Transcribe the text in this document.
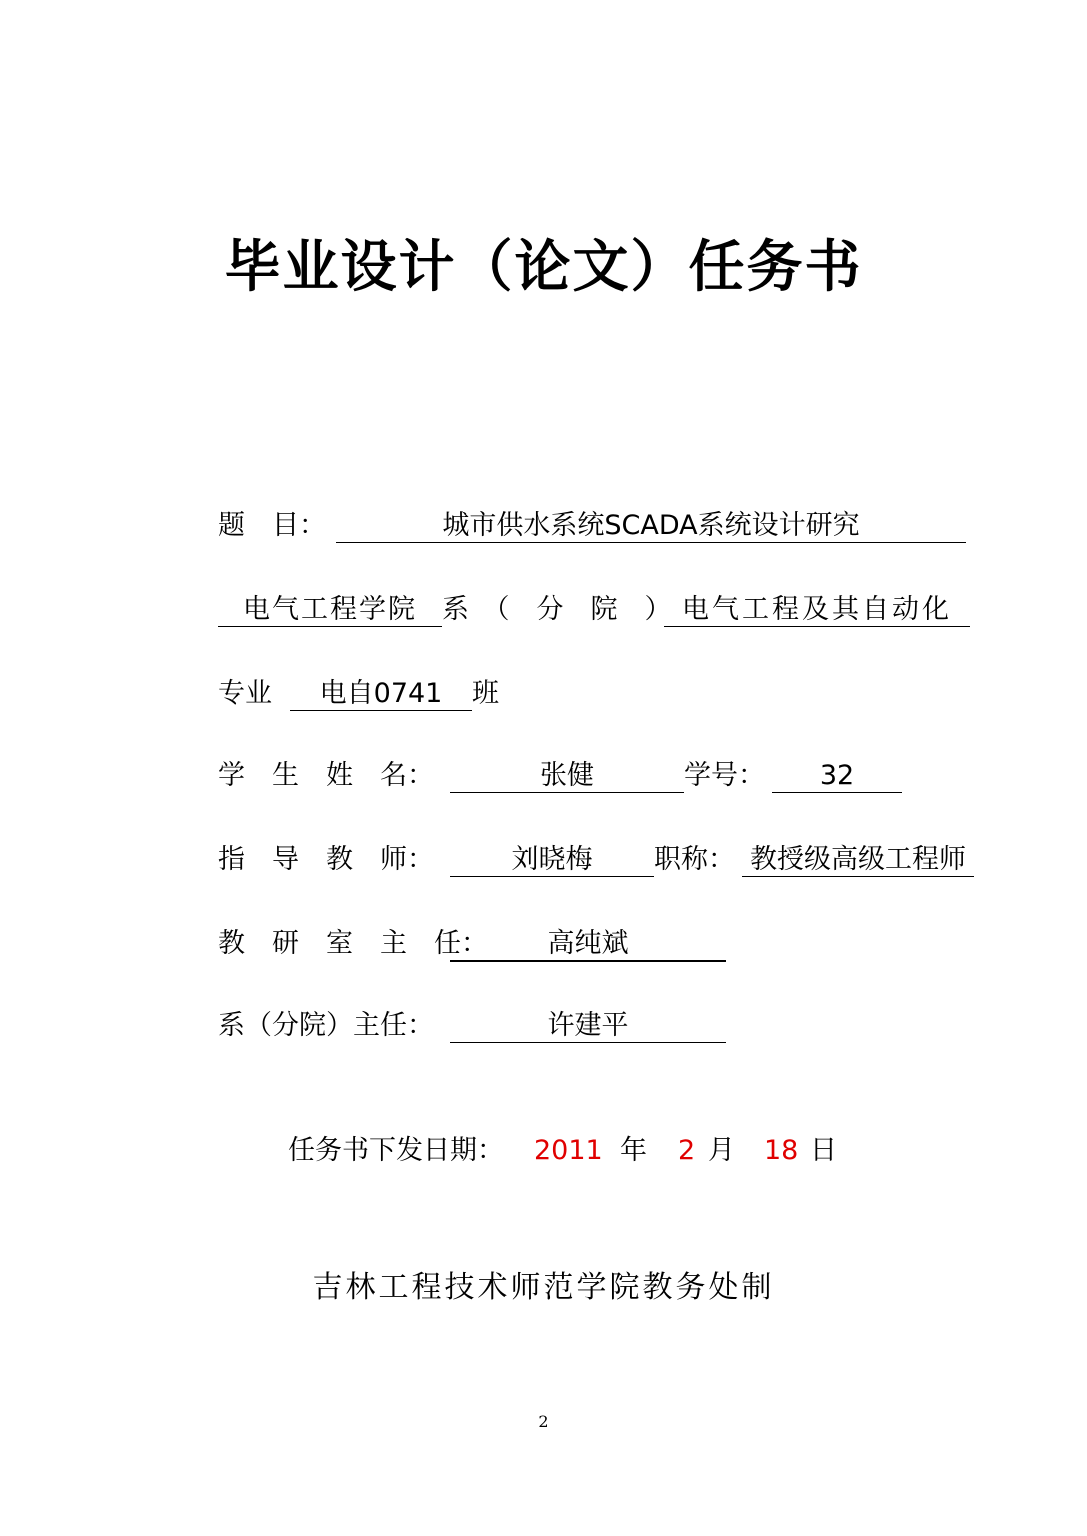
毕业设计（论文）任务书
题　目：	城市供水系统SCADA系统设计研究
电气工程学院 系　（　分　院　） 电气工程及其自动化
专业 电自0741 班
学　生　姓　名：	张健	学号： 32
指　导　教　师：	刘晓梅 职称： 教授级高级工程师
教　研　室　主　任： 高纯斌
系（分院）主任：	许建平
任务书下发日期： 2011 年 2 月 18 日
吉林工程技术师范学院教务处制
2
